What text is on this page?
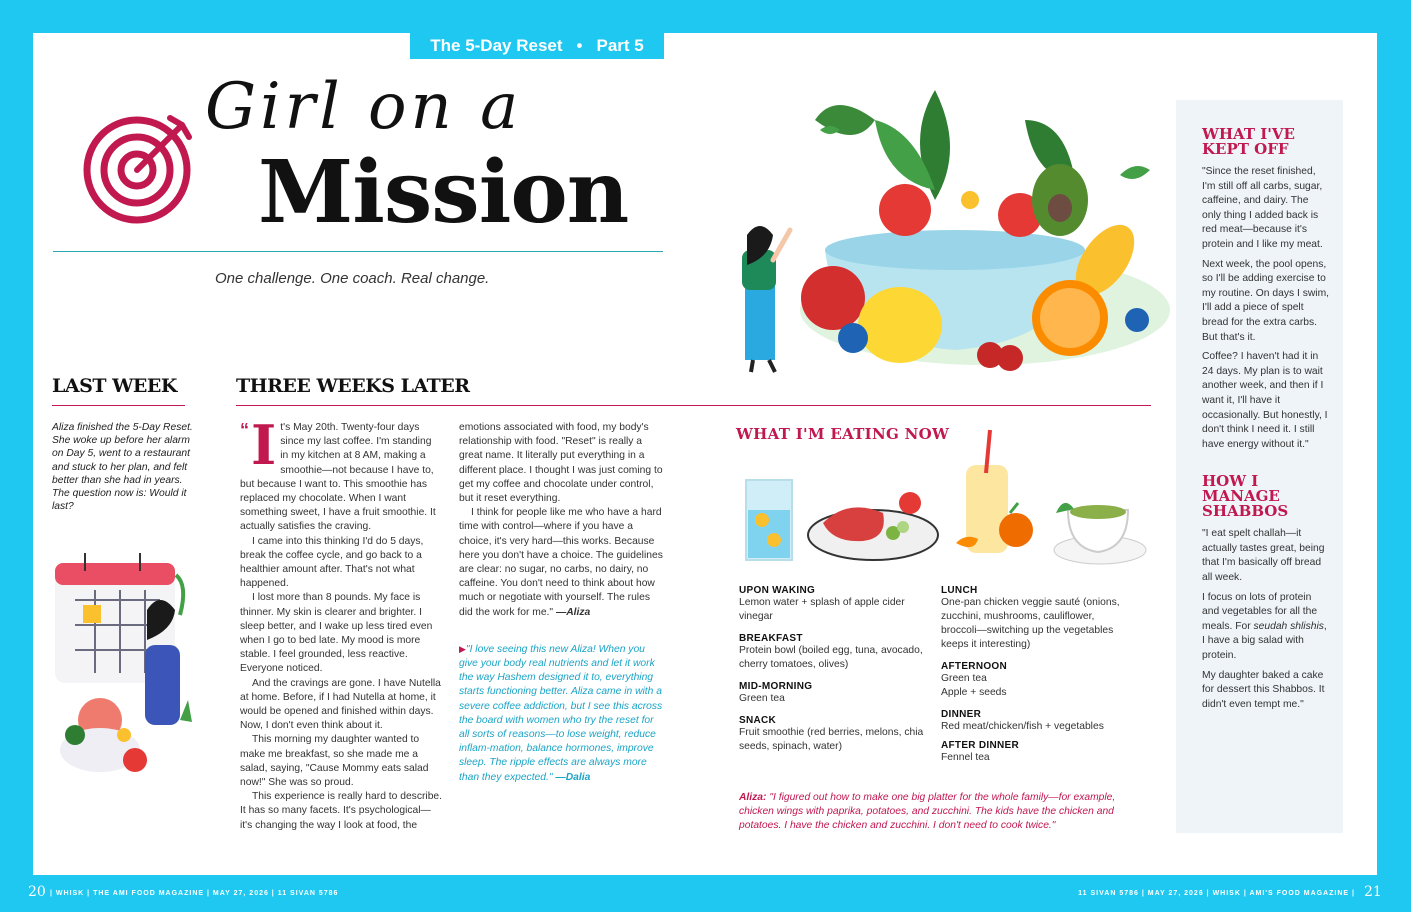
The 5-Day Reset • Part 5
Girl on a
Mission
One challenge. One coach. Real change.
LAST WEEK
Aliza finished the 5-Day Reset. She woke up before her alarm on Day 5, went to a restaurant and stuck to her plan, and felt better than she had in years. The question now is: Would it last?
THREE WEEKS LATER

“ I t's May 20th. Twenty-four days since my last coffee. I'm standing in my kitchen at 8 AM, making a smoothie—not because I have to, but because I want to. This smoothie has replaced my chocolate. When I want something sweet, I have a fruit smoothie. It actually satisfies the craving.

I came into this thinking I'd do 5 days, break the coffee cycle, and go back to a healthier amount after. That's not what happened.

I lost more than 8 pounds. My face is thinner. My skin is clearer and brighter. I sleep better, and I wake up less tired even when I go to bed late. My mood is more stable. I feel grounded, less reactive. Everyone noticed.

And the cravings are gone. I have Nutella at home. Before, if I had Nutella at home, it would be opened and finished within days. Now, I don't even think about it.

This morning my daughter wanted to make me breakfast, so she made me a salad, saying, "Cause Mommy eats salad now!" She was so proud.

This experience is really hard to describe. It has so many facets. It's psychological—it's changing the way I look at food, the

emotions associated with food, my body's relationship with food. "Reset" is really a great name. It literally put everything in a different place. I thought I was just coming to get my coffee and chocolate under control, but it reset everything.

I think for people like me who have a hard time with control—where if you have a choice, it's very hard—this works. Because here you don't have a choice. The guidelines are clear: no sugar, no carbs, no dairy, no caffeine. You don't need to think about how much or negotiate with yourself. The rules did the work for me." —Aliza

▶"I love seeing this new Aliza! When you give your body real nutrients and let it work the way Hashem designed it to, everything starts functioning better. Aliza came in with a severe coffee addiction, but I see this across the board with women who try the reset for all sorts of reasons—to lose weight, reduce inflam-mation, balance hormones, improve sleep. The ripple effects are always more than they expected." —Dalia

WHAT I'M EATING NOW
UPON WAKING
Lemon water + splash of apple cider vinegar
BREAKFAST
Protein bowl (boiled egg, tuna, avocado, cherry tomatoes, olives)
MID-MORNING
Green tea
SNACK
Fruit smoothie (red berries, melons, chia seeds, spinach, water)
LUNCH
One-pan chicken veggie sauté (onions, zucchini, mushrooms, cauliflower, broccoli—switching up the vegetables keeps it interesting)
AFTERNOON
Green tea
Apple + seeds
DINNER
Red meat/chicken/fish + vegetables
AFTER DINNER
Fennel tea
Aliza: "I figured out how to make one big platter for the whole family—for example, chicken wings with paprika, potatoes, and zucchini. The kids have the chicken and potatoes. I have the chicken and zucchini. I don't need to cook twice."
WHAT I'VE KEPT OFF

"Since the reset finished, I'm still off all carbs, sugar, caffeine, and dairy. The only thing I added back is red meat—because it's protein and I like my meat.

Next week, the pool opens, so I'll be adding exercise to my routine. On days I swim, I'll add a piece of spelt bread for the extra carbs. But that's it.

Coffee? I haven't had it in 24 days. My plan is to wait another week, and then if I want it, I'll have it occasionally. But honestly, I don't think I need it. I still have energy without it."

HOW I MANAGE SHABBOS

"I eat spelt challah—it actually tastes great, being that I'm basically off bread all week.

I focus on lots of protein and vegetables for all the meals. For seudah shlishis, I have a big salad with protein.

My daughter baked a cake for dessert this Shabbos. It didn't even tempt me."

20 | WHISK | THE AMI FOOD MAGAZINE | MAY 27, 2026 | 11 SIVAN 5786	11 SIVAN 5786 | MAY 27, 2026 | WHISK | AMI'S FOOD MAGAZINE | 21
